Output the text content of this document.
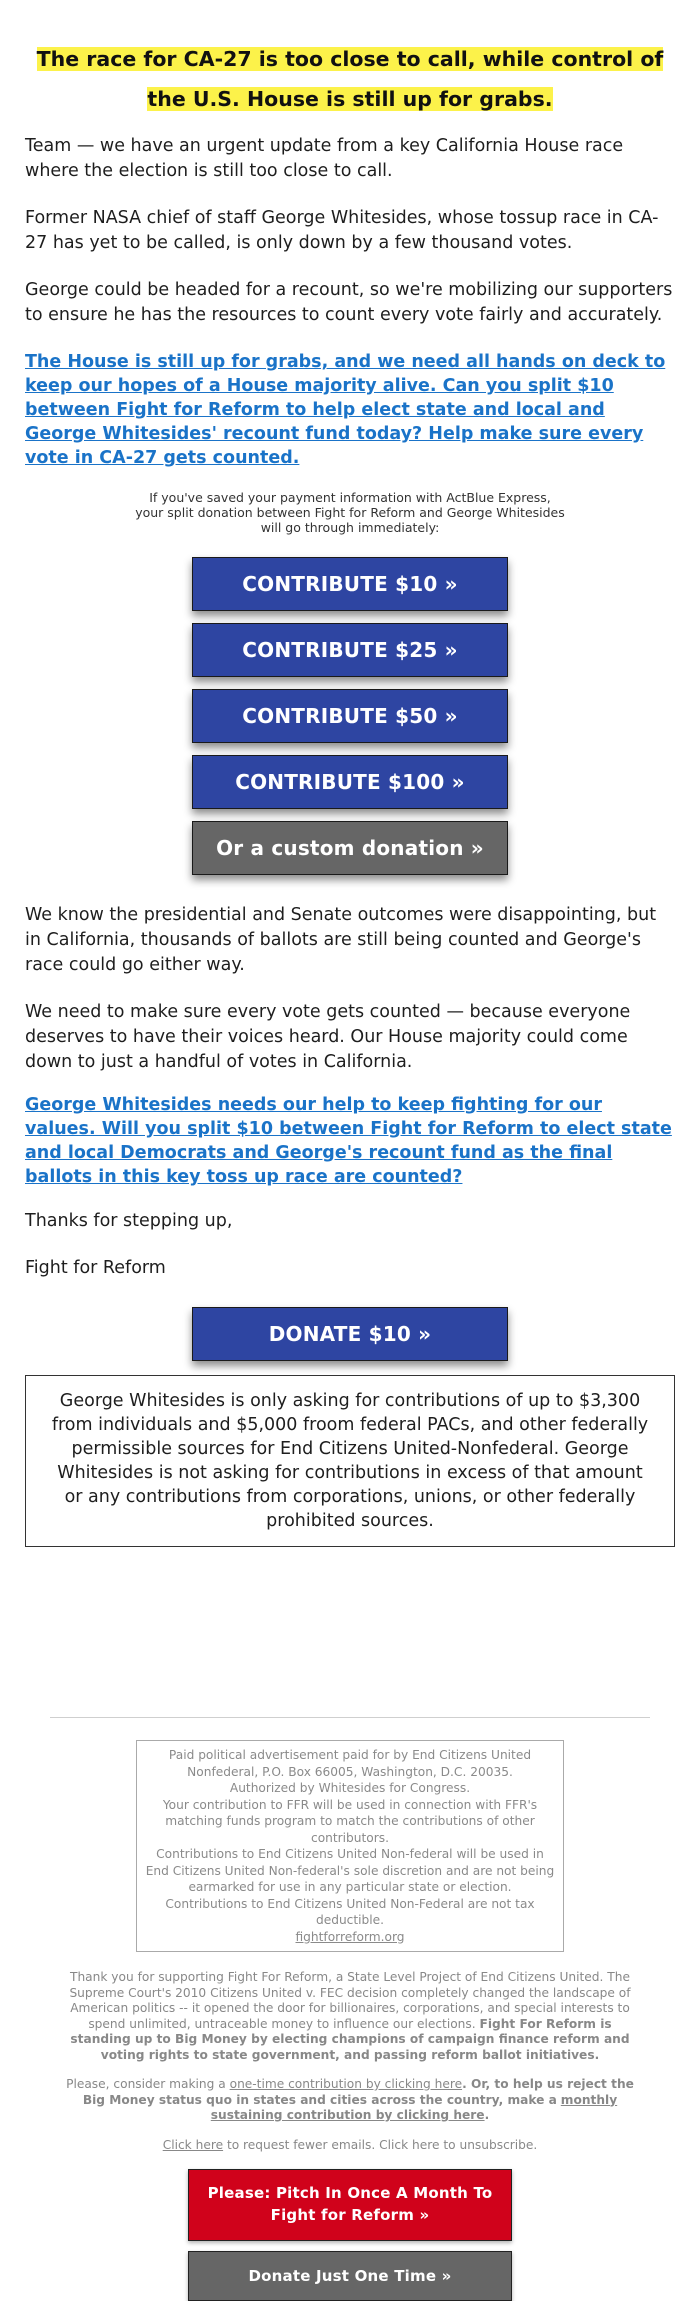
The race for CA-27 is too close to call, while control of the U.S. House is still up for grabs.

Team — we have an urgent update from a key California House race where the election is still too close to call.

Former NASA chief of staff George Whitesides, whose tossup race in CA-27 has yet to be called, is only down by a few thousand votes.

George could be headed for a recount, so we're mobilizing our supporters to ensure he has the resources to count every vote fairly and accurately.

The House is still up for grabs, and we need all hands on deck to keep our hopes of a House majority alive. Can you split $10 between Fight for Reform to help elect state and local and George Whitesides' recount fund today? Help make sure every vote in CA-27 gets counted.
If you've saved your payment information with ActBlue Express, your split donation between Fight for Reform and George Whitesides will go through immediately:
CONTRIBUTE $10 »
CONTRIBUTE $25 »
CONTRIBUTE $50 »
CONTRIBUTE $100 »
Or a custom donation »

We know the presidential and Senate outcomes were disappointing, but in California, thousands of ballots are still being counted and George's race could go either way.

We need to make sure every vote gets counted — because everyone deserves to have their voices heard. Our House majority could come down to just a handful of votes in California.

George Whitesides needs our help to keep fighting for our values. Will you split $10 between Fight for Reform to elect state and local Democrats and George's recount fund as the final ballots in this key toss up race are counted?

Thanks for stepping up,

Fight for Reform

DONATE $10 »
George Whitesides is only asking for contributions of up to $3,300 from individuals and $5,000 froom federal PACs, and other federally permissible sources for End Citizens United-Nonfederal. George Whitesides is not asking for contributions in excess of that amount or any contributions from corporations, unions, or other federally prohibited sources.
Paid political advertisement paid for by End Citizens United Nonfederal, P.O. Box 66005, Washington, D.C. 20035.
Authorized by Whitesides for Congress.
Your contribution to FFR will be used in connection with FFR's matching funds program to match the contributions of other contributors.
Contributions to End Citizens United Non-federal will be used in End Citizens United Non-federal's sole discretion and are not being earmarked for use in any particular state or election.
Contributions to End Citizens United Non-Federal are not tax deductible.
fightforreform.org
Thank you for supporting Fight For Reform, a State Level Project of End Citizens United. The Supreme Court's 2010 Citizens United v. FEC decision completely changed the landscape of American politics -- it opened the door for billionaires, corporations, and special interests to spend unlimited, untraceable money to influence our elections. Fight For Reform is standing up to Big Money by electing champions of campaign finance reform and voting rights to state government, and passing reform ballot initiatives.
Please, consider making a one-time contribution by clicking here. Or, to help us reject the Big Money status quo in states and cities across the country, make a monthly sustaining contribution by clicking here.
Click here to request fewer emails. Click here to unsubscribe.
Please: Pitch In Once A Month To Fight for Reform »
Donate Just One Time »
